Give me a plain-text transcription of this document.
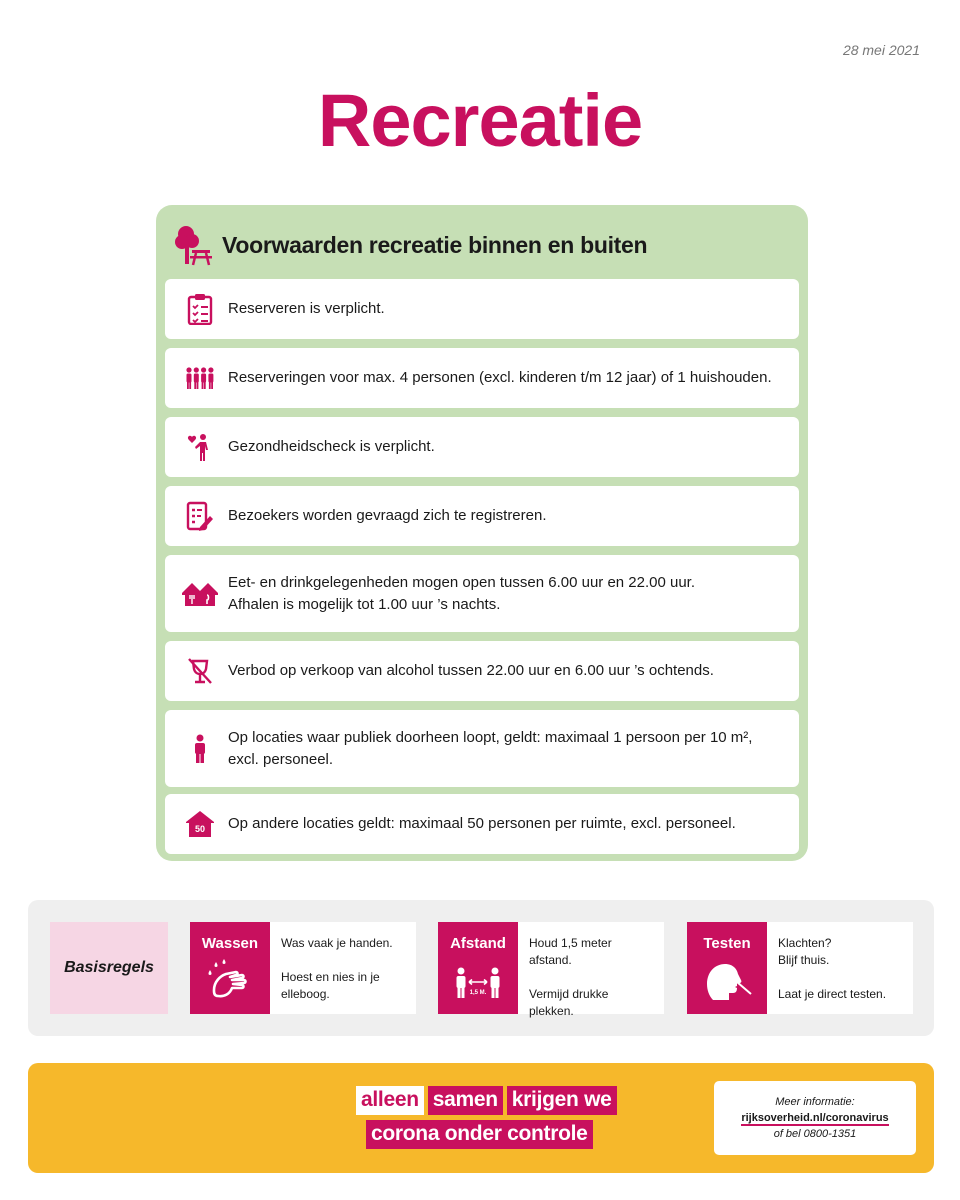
28 mei 2021
Recreatie
Voorwaarden recreatie binnen en buiten
Reserveren is verplicht.
Reserveringen voor max. 4 personen (excl. kinderen t/m 12 jaar) of 1 huishouden.
Gezondheidscheck is verplicht.
Bezoekers worden gevraagd zich te registreren.
Eet- en drinkgelegenheden mogen open tussen 6.00 uur en 22.00 uur.
Afhalen is mogelijk tot 1.00 uur ’s nachts.
Verbod op verkoop van alcohol tussen 22.00 uur en 6.00 uur ’s ochtends.
Op locaties waar publiek doorheen loopt, geldt: maximaal 1 persoon per 10 m²,
excl. personeel.
50 Op andere locaties geldt: maximaal 50 personen per ruimte, excl. personeel.
Basisregels
Wassen	Was vaak je handen.

Hoest en nies in je elleboog.

Afstand
1,5 M.

Houd 1,5 meter afstand.

Vermijd drukke plekken.

Testen	Klachten?
Blijf thuis.

Laat je direct testen.

alleen samen krijgen we
corona onder controle
Meer informatie:
rijksoverheid.nl/coronavirus
of bel 0800-1351
